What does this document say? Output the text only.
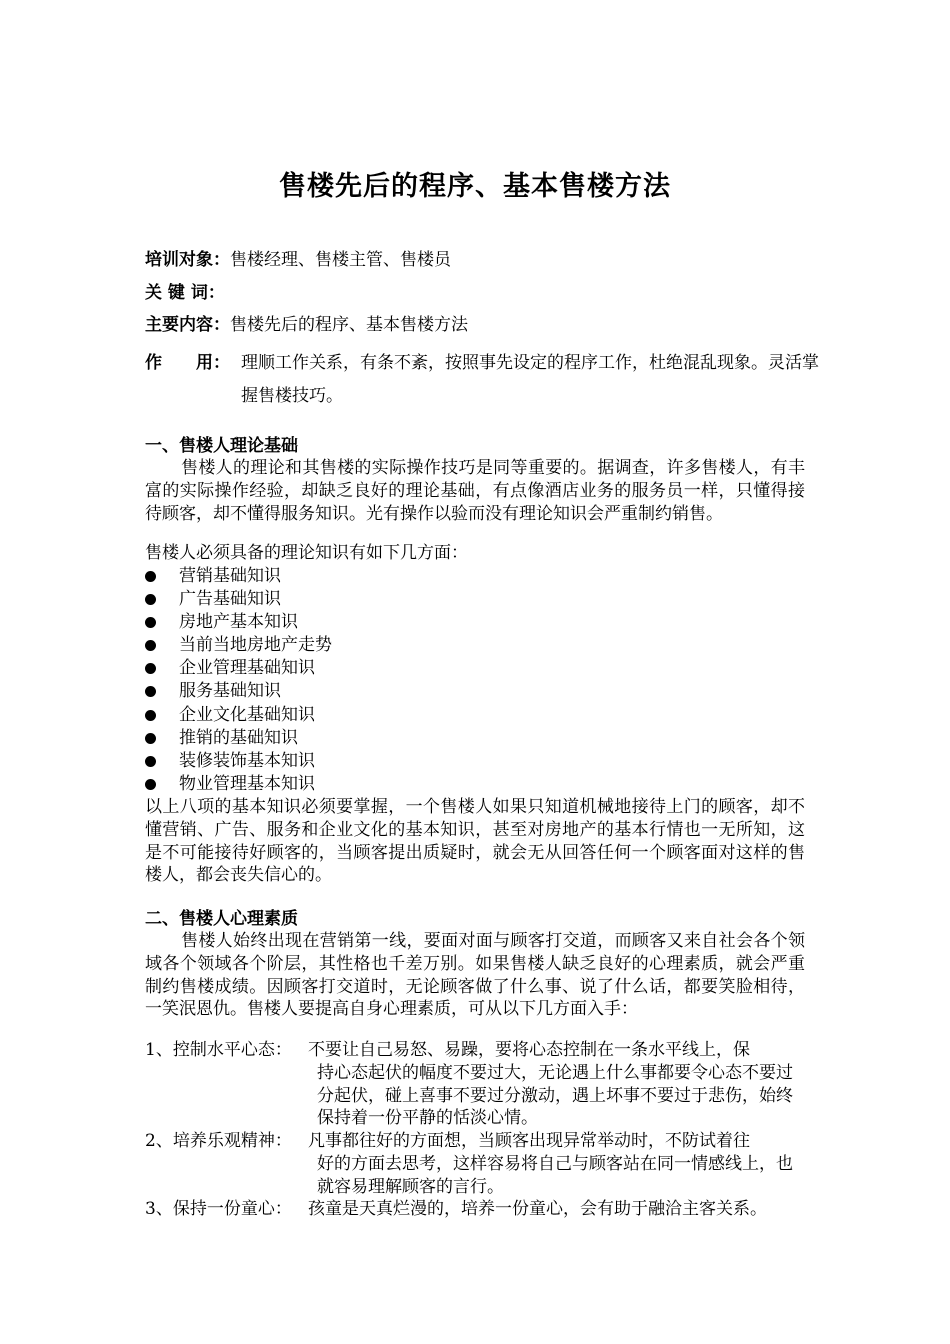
售楼先后的程序、基本售楼方法
培训对象：售楼经理、售楼主管、售楼员
关 键 词：
主要内容：售楼先后的程序、基本售楼方法
作　　用： 理顺工作关系，有条不紊，按照事先设定的程序工作，杜绝混乱现象。灵活掌握售楼技巧。
一、售楼人理论基础
售楼人的理论和其售楼的实际操作技巧是同等重要的。据调查，许多售楼人，有丰富的实际操作经验，却缺乏良好的理论基础，有点像酒店业务的服务员一样，只懂得接待顾客，却不懂得服务知识。光有操作以验而没有理论知识会严重制约销售。
售楼人必须具备的理论知识有如下几方面：
营销基础知识
广告基础知识
房地产基本知识
当前当地房地产走势
企业管理基础知识
服务基础知识
企业文化基础知识
推销的基础知识
装修装饰基本知识
物业管理基本知识
以上八项的基本知识必须要掌握，一个售楼人如果只知道机械地接待上门的顾客，却不懂营销、广告、服务和企业文化的基本知识，甚至对房地产的基本行情也一无所知，这是不可能接待好顾客的，当顾客提出质疑时，就会无从回答任何一个顾客面对这样的售楼人，都会丧失信心的。
二、售楼人心理素质
售楼人始终出现在营销第一线，要面对面与顾客打交道，而顾客又来自社会各个领域各个领域各个阶层，其性格也千差万别。如果售楼人缺乏良好的心理素质，就会严重制约售楼成绩。因顾客打交道时，无论顾客做了什么事、说了什么话，都要笑脸相待，一笑泯恩仇。售楼人要提高自身心理素质，可从以下几方面入手：
1、控制水平心态： 不要让自己易怒、易躁，要将心态控制在一条水平线上，保
持心态起伏的幅度不要过大，无论遇上什么事都要令心态不要过分起伏，碰上喜事不要过分激动，遇上坏事不要过于悲伤，始终保持着一份平静的恬淡心情。
2、培养乐观精神： 凡事都往好的方面想，当顾客出现异常举动时，不防试着往
好的方面去思考，这样容易将自己与顾客站在同一情感线上，也就容易理解顾客的言行。
3、保持一份童心： 孩童是天真烂漫的，培养一份童心，会有助于融洽主客关系。
